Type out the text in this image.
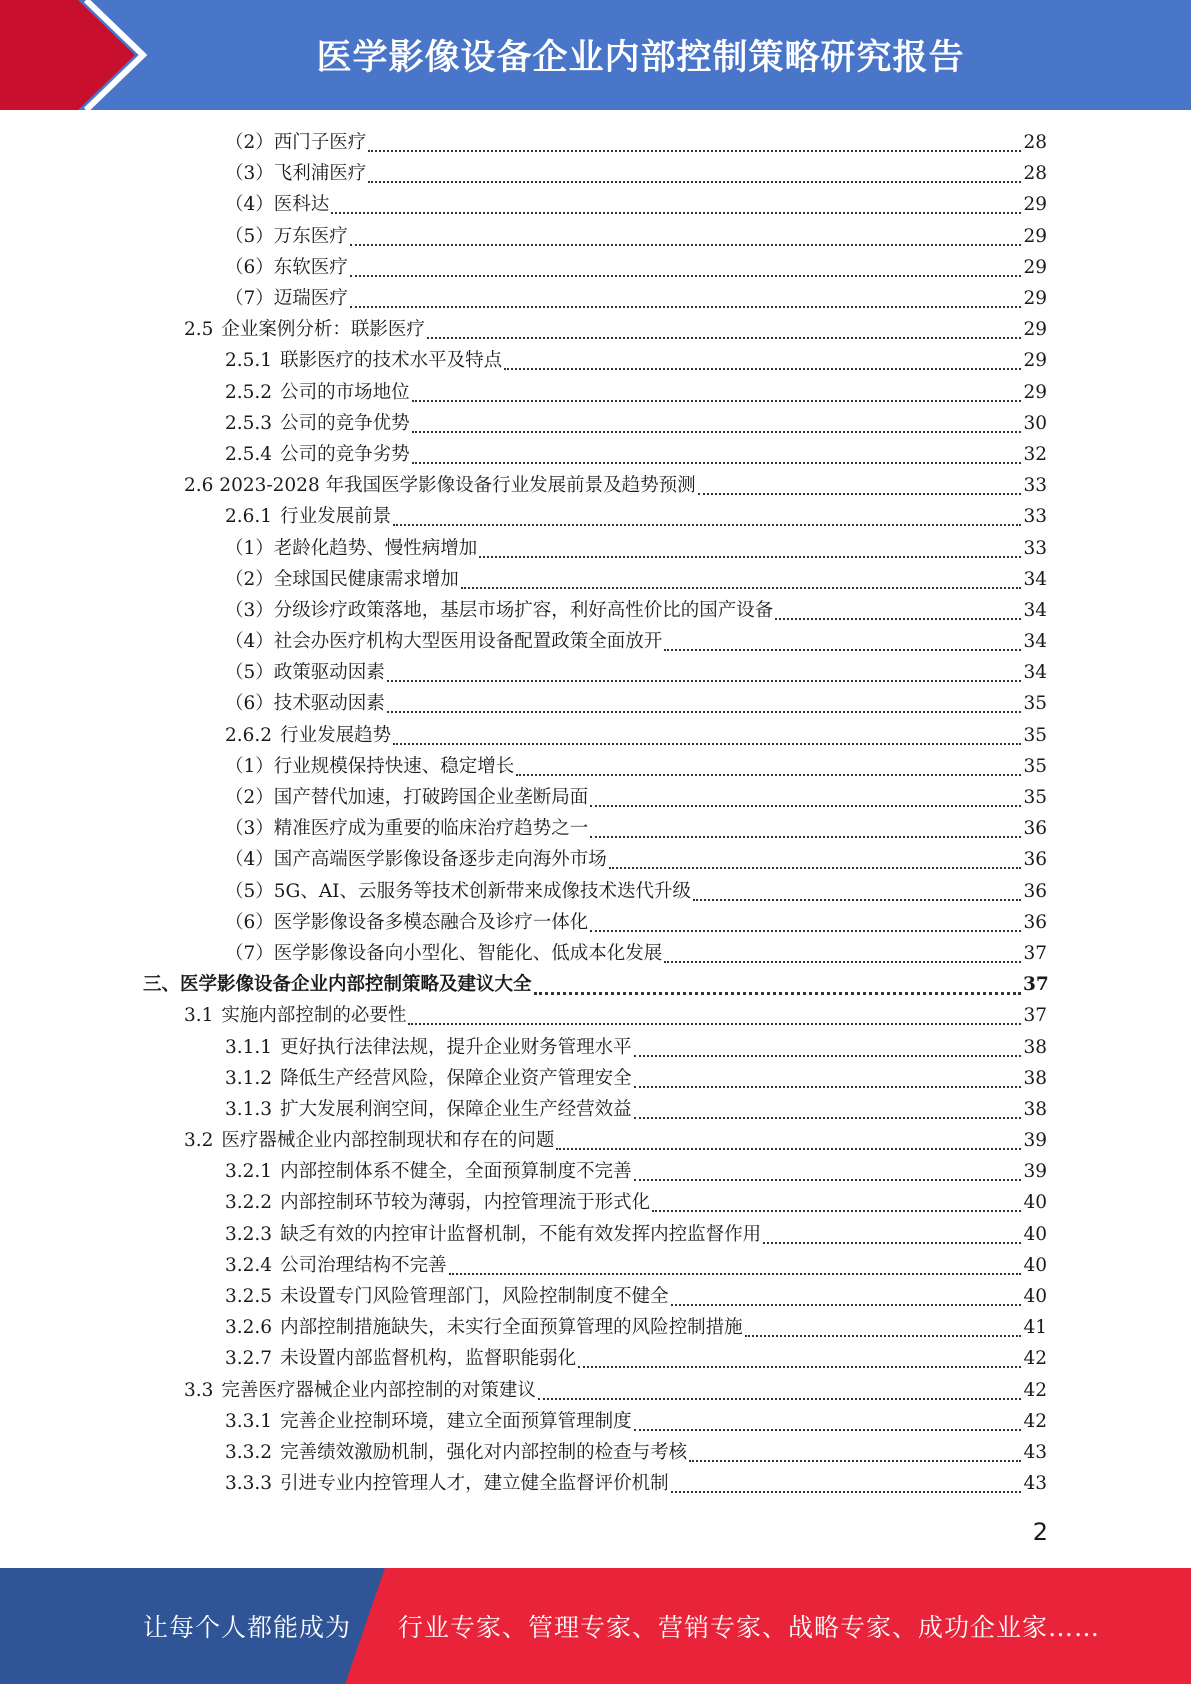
医学影像设备企业内部控制策略研究报告
（2）西门子医疗	28
（3）飞利浦医疗	28
（4）医科达	29
（5）万东医疗	29
（6）东软医疗	29
（7）迈瑞医疗	29
2.5 企业案例分析：联影医疗	29
2.5.1 联影医疗的技术水平及特点	29
2.5.2 公司的市场地位	29
2.5.3 公司的竞争优势	30
2.5.4 公司的竞争劣势	32
2.6 2023-2028 年我国医学影像设备行业发展前景及趋势预测	33
2.6.1 行业发展前景	33
（1）老龄化趋势、慢性病增加	33
（2）全球国民健康需求增加	34
（3）分级诊疗政策落地，基层市场扩容，利好高性价比的国产设备	34
（4）社会办医疗机构大型医用设备配置政策全面放开	34
（5）政策驱动因素	34
（6）技术驱动因素	35
2.6.2 行业发展趋势	35
（1）行业规模保持快速、稳定增长	35
（2）国产替代加速，打破跨国企业垄断局面	35
（3）精准医疗成为重要的临床治疗趋势之一	36
（4）国产高端医学影像设备逐步走向海外市场	36
（5）5G、AI、云服务等技术创新带来成像技术迭代升级	36
（6）医学影像设备多模态融合及诊疗一体化	36
（7）医学影像设备向小型化、智能化、低成本化发展	37
三、医学影像设备企业内部控制策略及建议大全	37
3.1 实施内部控制的必要性	37
3.1.1 更好执行法律法规，提升企业财务管理水平	38
3.1.2 降低生产经营风险，保障企业资产管理安全	38
3.1.3 扩大发展利润空间，保障企业生产经营效益	38
3.2 医疗器械企业内部控制现状和存在的问题	39
3.2.1 内部控制体系不健全，全面预算制度不完善	39
3.2.2 内部控制环节较为薄弱，内控管理流于形式化	40
3.2.3 缺乏有效的内控审计监督机制，不能有效发挥内控监督作用	40
3.2.4 公司治理结构不完善	40
3.2.5 未设置专门风险管理部门，风险控制制度不健全	40
3.2.6 内部控制措施缺失，未实行全面预算管理的风险控制措施	41
3.2.7 未设置内部监督机构，监督职能弱化	42
3.3 完善医疗器械企业内部控制的对策建议	42
3.3.1 完善企业控制环境，建立全面预算管理制度	42
3.3.2 完善绩效激励机制，强化对内部控制的检查与考核	43
3.3.3 引进专业内控管理人才，建立健全监督评价机制	43
2
让每个人都能成为 行业专家、管理专家、营销专家、战略专家、成功企业家……
